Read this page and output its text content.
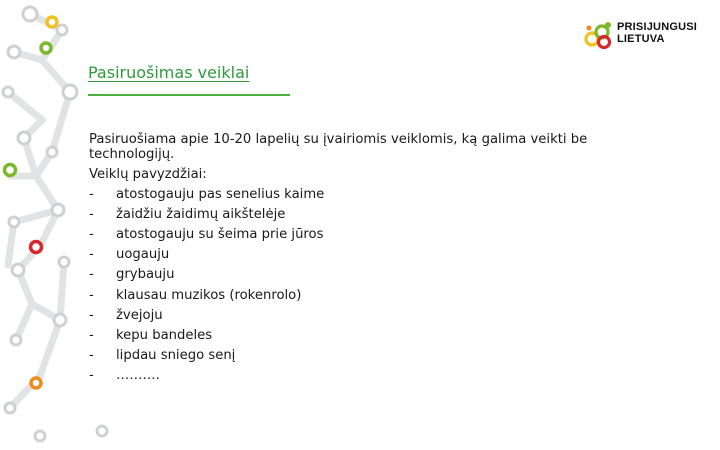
PRISIJUNGUSI
LIETUVA
Pasiruošimas veiklai

Pasiruošiama apie 10-20 lapelių su įvairiomis veiklomis, ką galima veikti be technologijų.

Veiklų pavyzdžiai:

- atostogauju pas senelius kaime
- žaidžiu žaidimų aikštelėje
- atostogauju su šeima prie jūros
- uogauju
- grybauju
- klausau muzikos (rokenrolo)
- žvejoju
- kepu bandeles
- lipdau sniego senį
- ……….
